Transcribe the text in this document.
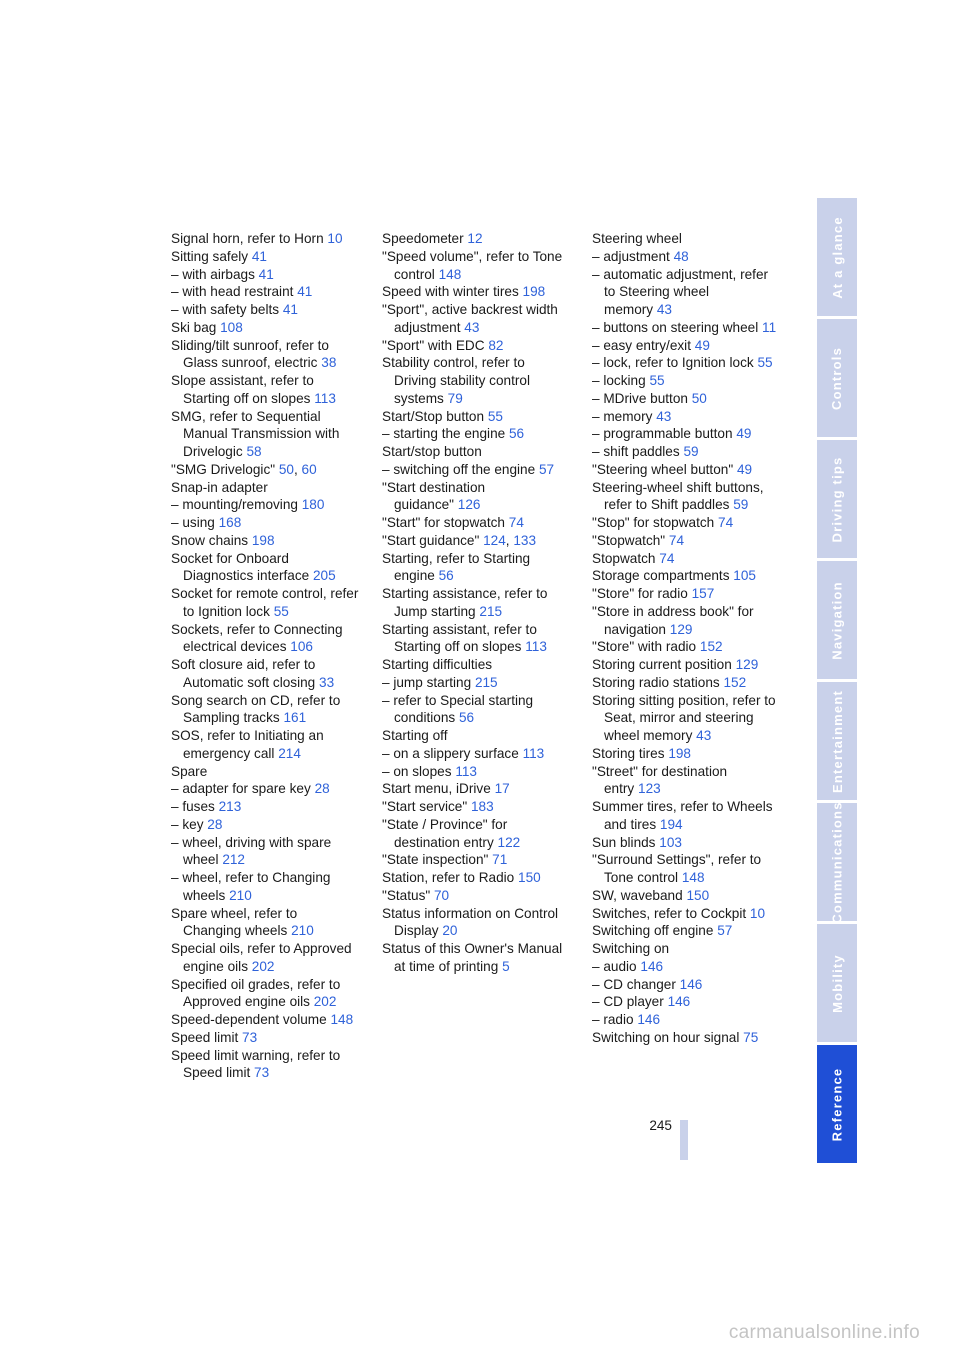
Signal horn, refer to Horn 10
Sitting safely 41
– with airbags 41
– with head restraint 41
– with safety belts 41
Ski bag 108
Sliding/tilt sunroof, refer to Glass sunroof, electric 38
Slope assistant, refer to Starting off on slopes 113
SMG, refer to Sequential Manual Transmission with Drivelogic 58
"SMG Drivelogic" 50, 60
Snap-in adapter
– mounting/removing 180
– using 168
Snow chains 198
Socket for Onboard Diagnostics interface 205
Socket for remote control, refer to Ignition lock 55
Sockets, refer to Connecting electrical devices 106
Soft closure aid, refer to Automatic soft closing 33
Song search on CD, refer to Sampling tracks 161
SOS, refer to Initiating an emergency call 214
Spare
– adapter for spare key 28
– fuses 213
– key 28
– wheel, driving with spare wheel 212
– wheel, refer to Changing wheels 210
Spare wheel, refer to Changing wheels 210
Special oils, refer to Approved engine oils 202
Specified oil grades, refer to Approved engine oils 202
Speed-dependent volume 148
Speed limit 73
Speed limit warning, refer to Speed limit 73
Speedometer 12
"Speed volume", refer to Tone control 148
Speed with winter tires 198
"Sport", active backrest width adjustment 43
"Sport" with EDC 82
Stability control, refer to Driving stability control systems 79
Start/Stop button 55
– starting the engine 56
Start/stop button
– switching off the engine 57
"Start destination guidance" 126
"Start" for stopwatch 74
"Start guidance" 124, 133
Starting, refer to Starting engine 56
Starting assistance, refer to Jump starting 215
Starting assistant, refer to Starting off on slopes 113
Starting difficulties
– jump starting 215
– refer to Special starting conditions 56
Starting off
– on a slippery surface 113
– on slopes 113
Start menu, iDrive 17
"Start service" 183
"State / Province" for destination entry 122
"State inspection" 71
Station, refer to Radio 150
"Status" 70
Status information on Control Display 20
Status of this Owner's Manual at time of printing 5
Steering wheel
– adjustment 48
– automatic adjustment, refer to Steering wheel memory 43
– buttons on steering wheel 11
– easy entry/exit 49
– lock, refer to Ignition lock 55
– locking 55
– MDrive button 50
– memory 43
– programmable button 49
– shift paddles 59
"Steering wheel button" 49
Steering-wheel shift buttons, refer to Shift paddles 59
"Stop" for stopwatch 74
"Stopwatch" 74
Stopwatch 74
Storage compartments 105
"Store" for radio 157
"Store in address book" for navigation 129
"Store" with radio 152
Storing current position 129
Storing radio stations 152
Storing sitting position, refer to Seat, mirror and steering wheel memory 43
Storing tires 198
"Street" for destination entry 123
Summer tires, refer to Wheels and tires 194
Sun blinds 103
"Surround Settings", refer to Tone control 148
SW, waveband 150
Switches, refer to Cockpit 10
Switching off engine 57
Switching on
– audio 146
– CD changer 146
– CD player 146
– radio 146
Switching on hour signal 75
At a glance
Controls
Driving tips
Navigation
Entertainment
Communications
Mobility
Reference
245
carmanualsonline.info
